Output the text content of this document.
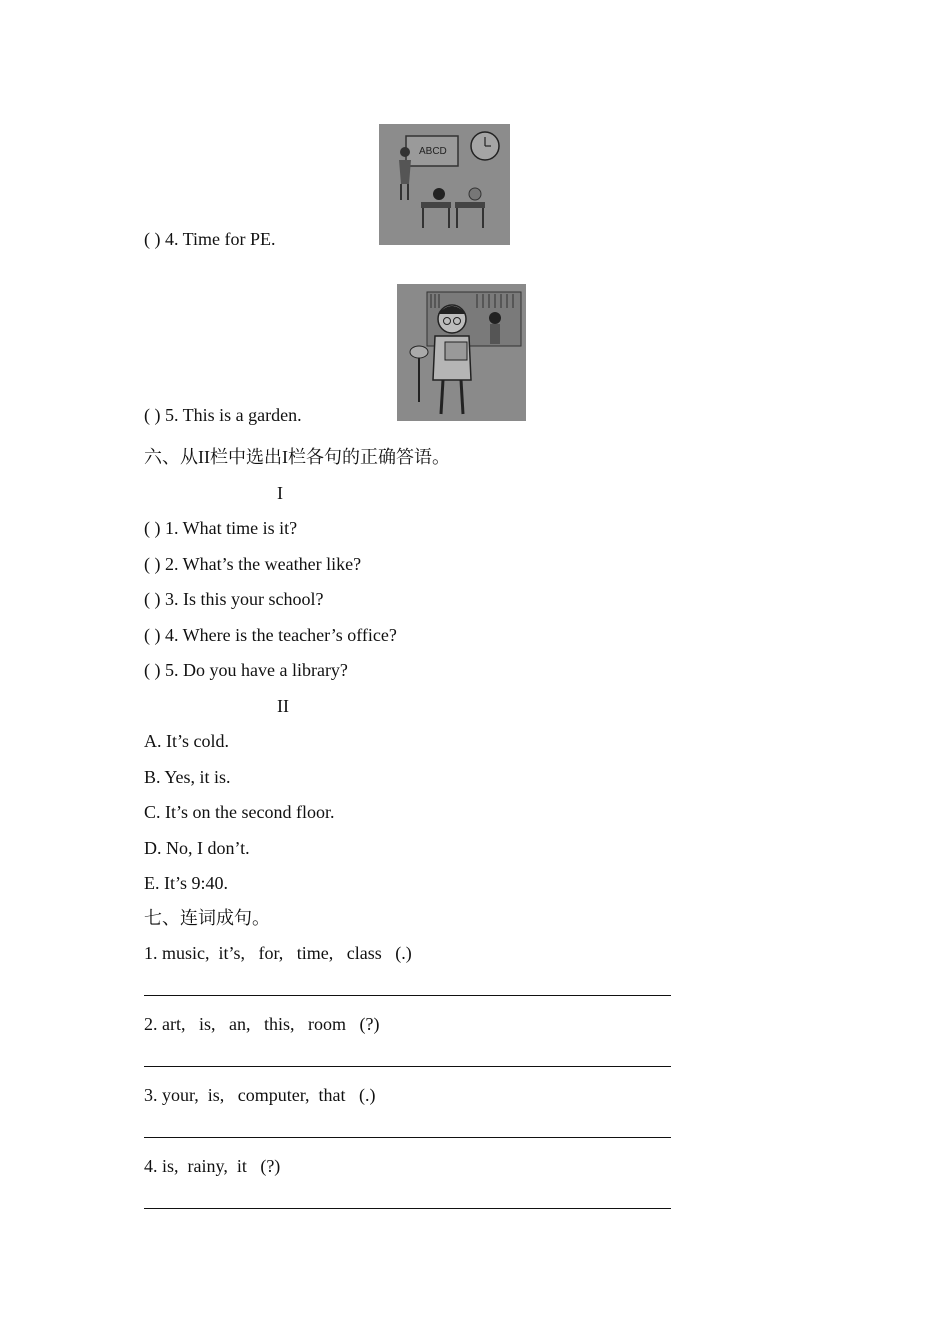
ABCD
( ) 4. Time for PE.
( ) 5. This is a garden.
六、从II栏中选出I栏各句的正确答语。
I
( ) 1. What time is it?
( ) 2. What’s the weather like?
( ) 3. Is this your school?
( ) 4. Where is the teacher’s office?
( ) 5. Do you have a library?
II
A. It’s cold.
B. Yes, it is.
C. It’s on the second floor.
D. No, I don’t.
E. It’s 9:40.
七、连词成句。
1. music,  it’s,   for,   time,   class   (.)
2. art,   is,   an,   this,   room   (?)
3. your,  is,   computer,  that   (.)
4. is,  rainy,  it   (?)
